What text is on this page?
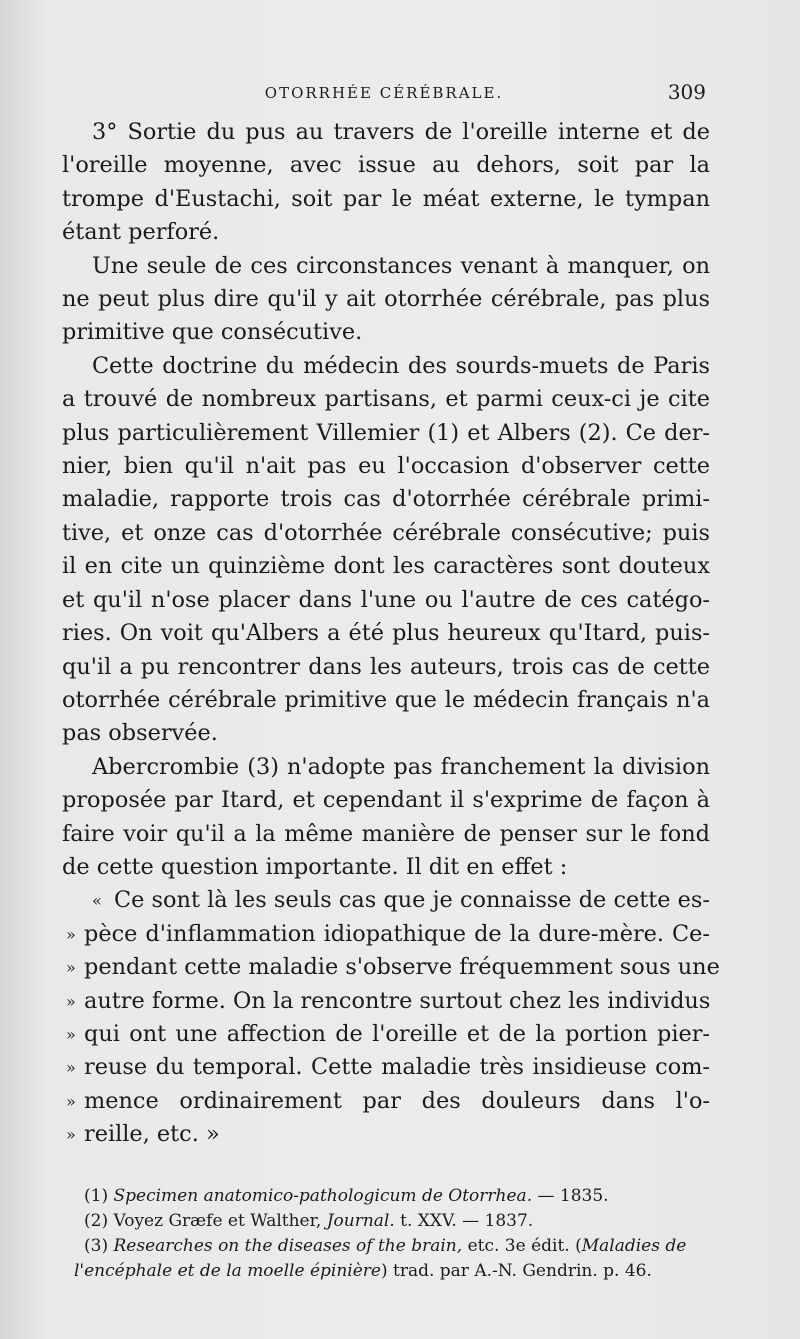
OTORRHÉE CÉRÉBRALE.	309

3° Sortie du pus au travers de l'oreille interne et de
l'oreille moyenne, avec issue au dehors, soit par la
trompe d'Eustachi, soit par le méat externe, le tympan
étant perforé.

Une seule de ces circonstances venant à manquer, on
ne peut plus dire qu'il y ait otorrhée cérébrale, pas plus
primitive que consécutive.

Cette doctrine du médecin des sourds-muets de Paris
a trouvé de nombreux partisans, et parmi ceux-ci je cite
plus particulièrement Villemier (1) et Albers (2). Ce der-
nier, bien qu'il n'ait pas eu l'occasion d'observer cette
maladie, rapporte trois cas d'otorrhée cérébrale primi-
tive, et onze cas d'otorrhée cérébrale consécutive; puis
il en cite un quinzième dont les caractères sont douteux
et qu'il n'ose placer dans l'une ou l'autre de ces catégo-
ries. On voit qu'Albers a été plus heureux qu'Itard, puis-
qu'il a pu rencontrer dans les auteurs, trois cas de cette
otorrhée cérébrale primitive que le médecin français n'a
pas observée.

Abercrombie (3) n'adopte pas franchement la division
proposée par Itard, et cependant il s'exprime de façon à
faire voir qu'il a la même manière de penser sur le fond
de cette question importante. Il dit en effet :

« Ce sont là les seuls cas que je connaisse de cette es-
» pèce d'inflammation idiopathique de la dure-mère. Ce-
» pendant cette maladie s'observe fréquemment sous une
» autre forme. On la rencontre surtout chez les individus
» qui ont une affection de l'oreille et de la portion pier-
» reuse du temporal. Cette maladie très insidieuse com-
» mence ordinairement par des douleurs dans l'o-
» reille, etc. »

(1) Specimen anatomico-pathologicum de Otorrhea. — 1835.
(2) Voyez Græfe et Walther, Journal. t. XXV. — 1837.
(3) Researches on the diseases of the brain, etc. 3e édit. (Maladies de
l'encéphale et de la moelle épinière) trad. par A.-N. Gendrin. p. 46.
